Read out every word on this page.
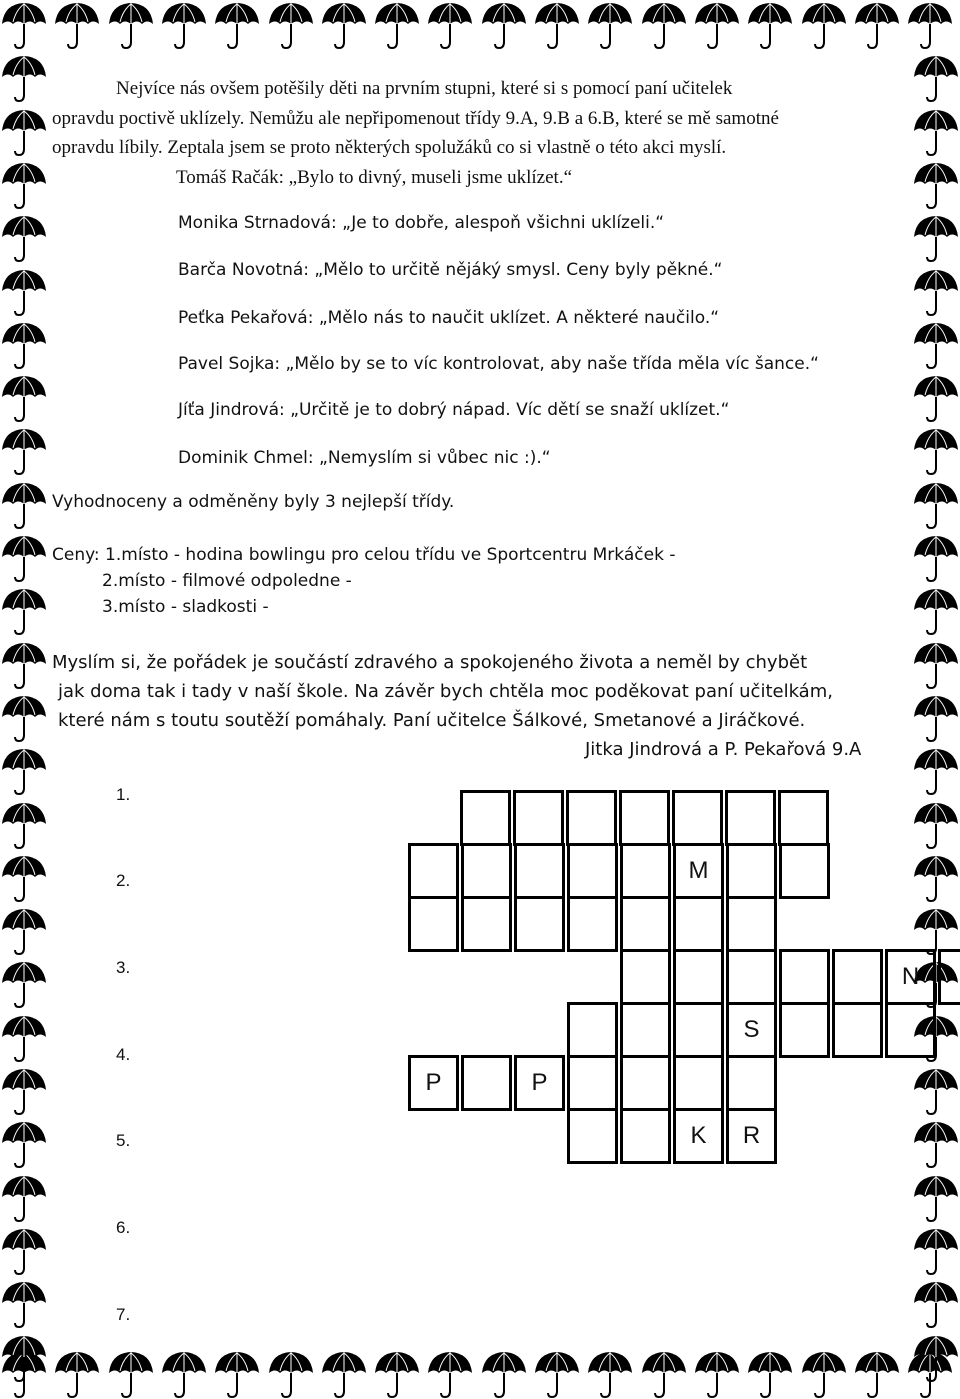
Nejvíce nás ovšem potěšily děti na prvním stupni, které si s pomocí paní učitelek
opravdu poctivě uklízely. Nemůžu ale nepřipomenout třídy 9.A, 9.B a 6.B, které se mě samotné
opravdu líbily. Zeptala jsem se proto některých spolužáků co si vlastně o této akci myslí.
Tomáš Račák: „Bylo to divný, museli jsme uklízet.“
Monika Strnadová: „Je to dobře, alespoň všichni uklízeli.“
Barča Novotná: „Mělo to určitě nějáký smysl. Ceny byly pěkné.“
Peťka Pekařová: „Mělo nás to naučit uklízet. A některé naučilo.“
Pavel Sojka: „Mělo by se to víc kontrolovat, aby naše třída měla víc šance.“
Jíťa Jindrová: „Určitě je to dobrý nápad. Víc dětí se snaží uklízet.“
Dominik Chmel: „Nemyslím si vůbec nic :).“
Vyhodnoceny a odměněny byly 3 nejlepší třídy.
Ceny: 1.místo - hodina bowlingu pro celou třídu ve Sportcentru Mrkáček -
2.místo - filmové odpoledne -
3.místo - sladkosti -
Myslím si, že pořádek je součástí zdravého a spokojeného života a neměl by chybět
jak doma tak i tady v naší škole. Na závěr bych chtěla moc poděkovat paní učitelkám,
které nám s toutu soutěží pomáhaly. Paní učitelce Šálkové, Smetanové a Jiráčkové.
Jitka Jindrová a P. Pekařová 9.A
1.
2.
3.
4.
5.
6.
7.
M
N
S
P	P
K	R
